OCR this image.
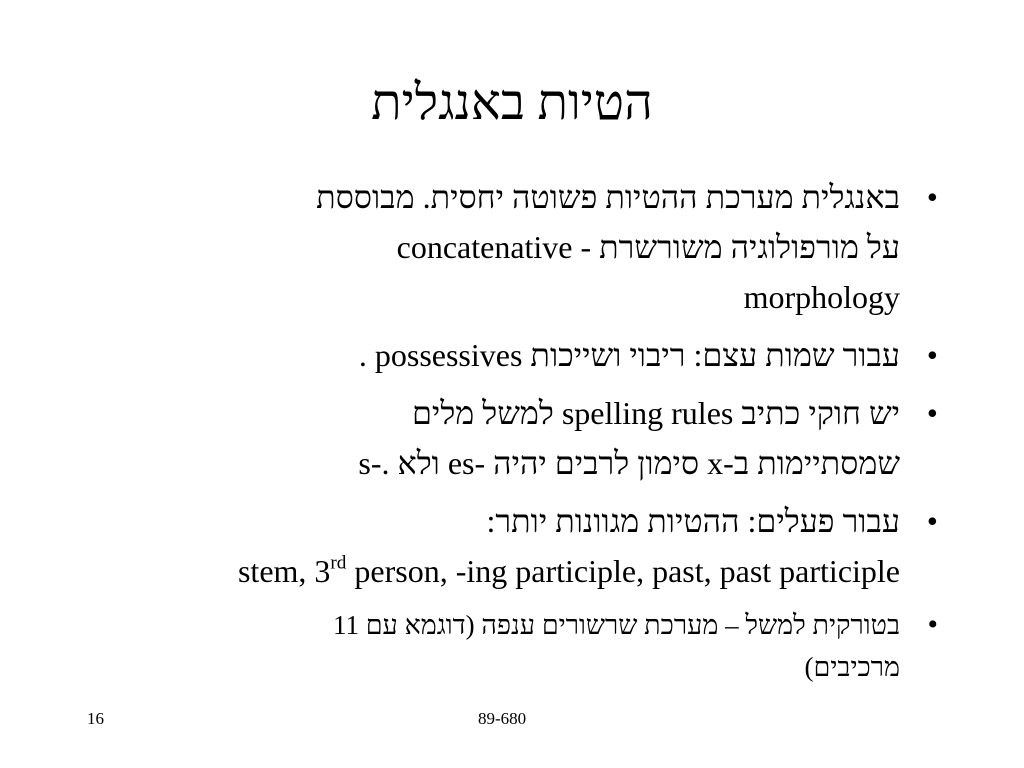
הטיות באנגלית
•
באנגלית מערכת ההטיות פשוטה יחסית. מבוססת
על מורפולוגיה משורשרת - concatenative
morphology
•
עבור שמות עצם: ריבוי ושייכות possessives .
•
יש חוקי כתיב spelling rules למשל מלים
שמסתיימות ב-x סימון לרבים יהיה es- ולא s-.
•
עבור פעלים: ההטיות מגוונות יותר:
stem, 3rd person, -ing participle, past, past participle
•
בטורקית למשל – מערכת שרשורים ענפה (דוגמא עם 11
מרכיבים)
16	89-680
